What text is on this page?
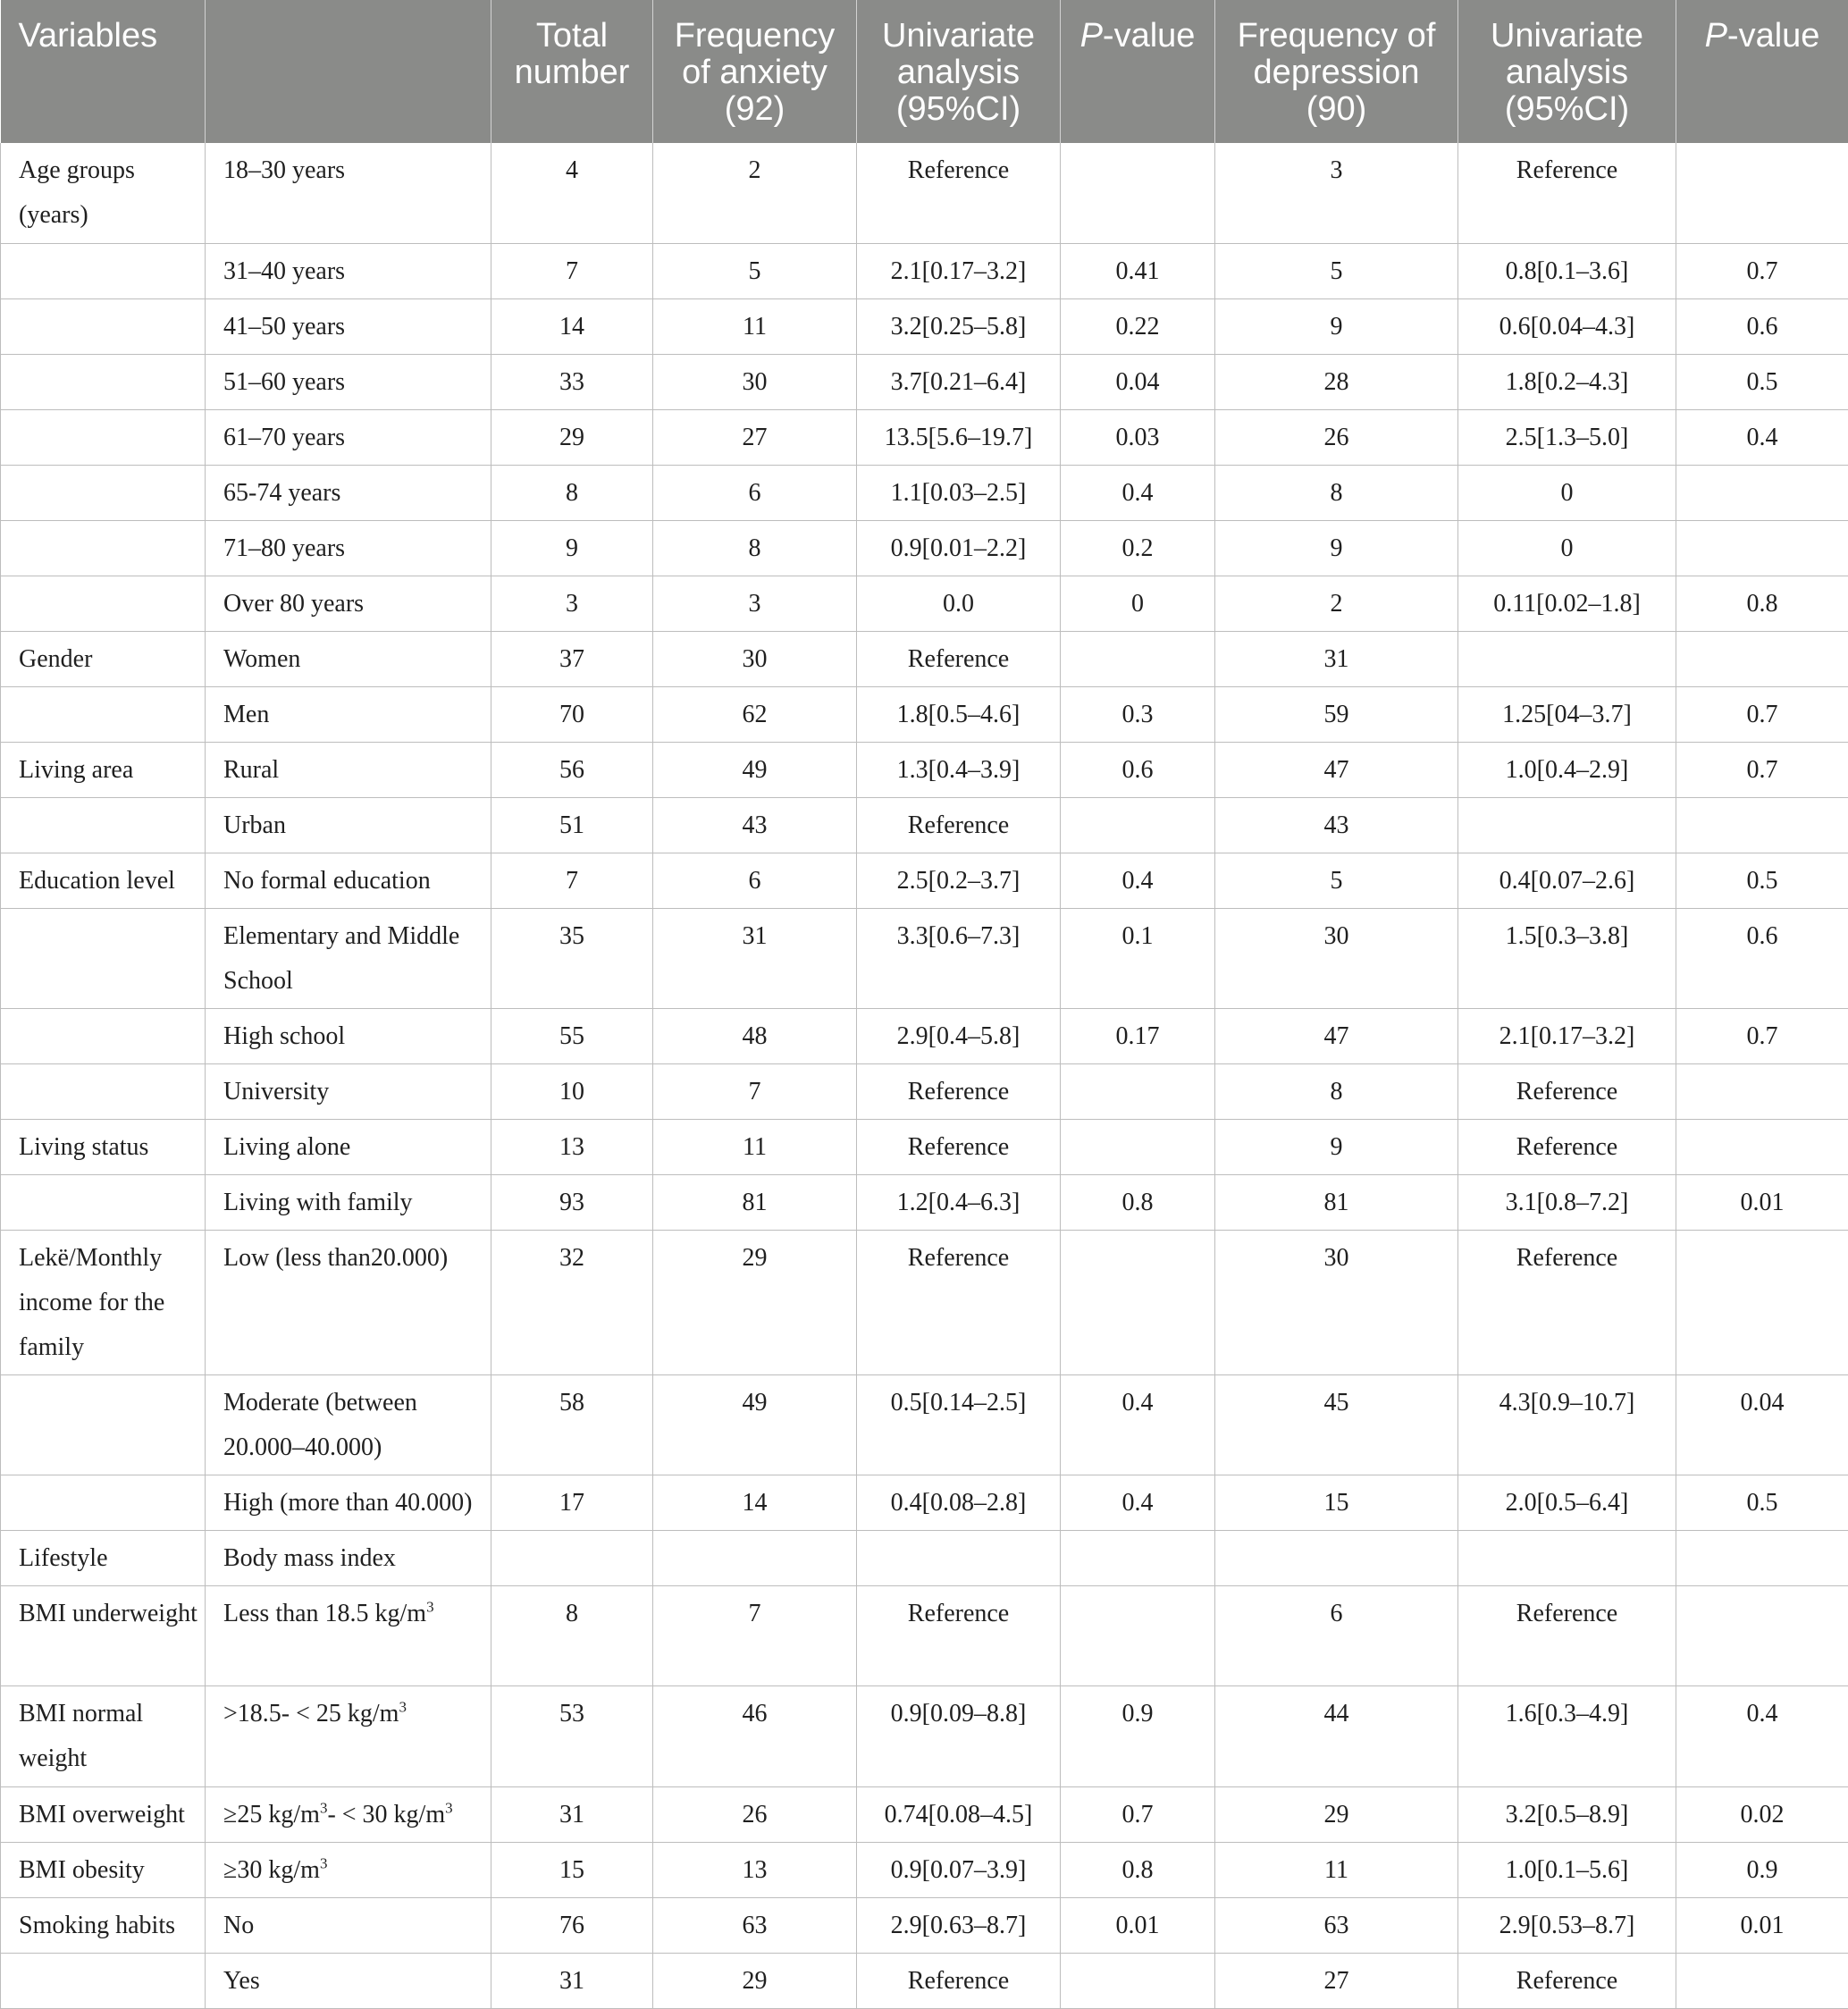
Variables		Total number	Frequency of anxiety (92)	Univariate analysis (95%CI)	P-value	Frequency of depression (90)	Univariate analysis (95%CI)	P-value
Age groups (years)	18–30 years	4	2	Reference		3	Reference	
	31–40 years	7	5	2.1[0.17–3.2]	0.41	5	0.8[0.1–3.6]	0.7
	41–50 years	14	11	3.2[0.25–5.8]	0.22	9	0.6[0.04–4.3]	0.6
	51–60 years	33	30	3.7[0.21–6.4]	0.04	28	1.8[0.2–4.3]	0.5
	61–70 years	29	27	13.5[5.6–19.7]	0.03	26	2.5[1.3–5.0]	0.4
	65-74 years	8	6	1.1[0.03–2.5]	0.4	8	0	
	71–80 years	9	8	0.9[0.01–2.2]	0.2	9	0	
	Over 80 years	3	3	0.0	0	2	0.11[0.02–1.8]	0.8
Gender	Women	37	30	Reference		31		
	Men	70	62	1.8[0.5–4.6]	0.3	59	1.25[04–3.7]	0.7
Living area	Rural	56	49	1.3[0.4–3.9]	0.6	47	1.0[0.4–2.9]	0.7
	Urban	51	43	Reference		43		
Education level	No formal education	7	6	2.5[0.2–3.7]	0.4	5	0.4[0.07–2.6]	0.5
	Elementary and Middle School	35	31	3.3[0.6–7.3]	0.1	30	1.5[0.3–3.8]	0.6
	High school	55	48	2.9[0.4–5.8]	0.17	47	2.1[0.17–3.2]	0.7
	University	10	7	Reference		8	Reference	
Living status	Living alone	13	11	Reference		9	Reference	
	Living with family	93	81	1.2[0.4–6.3]	0.8	81	3.1[0.8–7.2]	0.01
Lekë/Monthly income for the family	Low (less than20.000)	32	29	Reference		30	Reference	
	Moderate (between 20.000–40.000)	58	49	0.5[0.14–2.5]	0.4	45	4.3[0.9–10.7]	0.04
	High (more than 40.000)	17	14	0.4[0.08–2.8]	0.4	15	2.0[0.5–6.4]	0.5
Lifestyle	Body mass index							
BMI underweight	Less than 18.5 $kg/m^3$	8	7	Reference		6	Reference	
BMI normal weight	>18.5- < 25 $kg/m^3$	53	46	0.9[0.09–8.8]	0.9	44	1.6[0.3–4.9]	0.4
BMI overweight	≥25 $kg/m^3- < 30$ $kg/m^3$	31	26	0.74[0.08–4.5]	0.7	29	3.2[0.5–8.9]	0.02
BMI obesity	≥30 $kg/m^3$	15	13	0.9[0.07–3.9]	0.8	11	1.0[0.1–5.6]	0.9
Smoking habits	No	76	63	2.9[0.63–8.7]	0.01	63	2.9[0.53–8.7]	0.01
	Yes	31	29	Reference		27	Reference	
